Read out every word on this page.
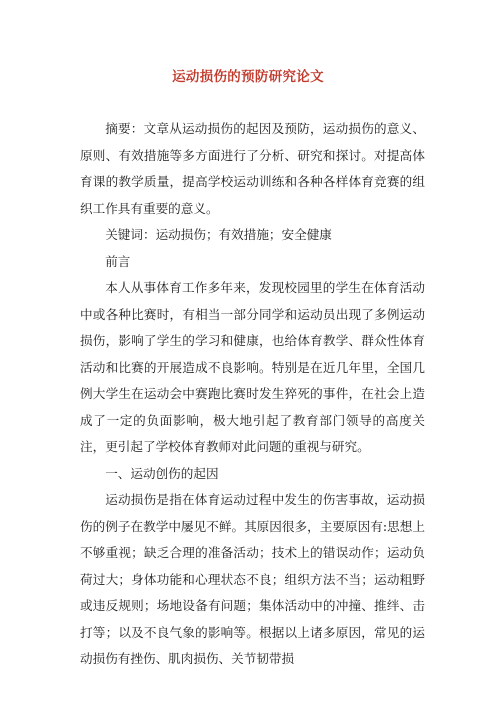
运动损伤的预防研究论文

摘要：文章从运动损伤的起因及预防，运动损伤的意义、原则、有效措施等多方面进行了分析、研究和探讨。对提高体育课的教学质量，提高学校运动训练和各种各样体育竞赛的组织工作具有重要的意义。

关键词：运动损伤；有效措施；安全健康

前言

本人从事体育工作多年来，发现校园里的学生在体育活动中或各种比赛时，有相当一部分同学和运动员出现了多例运动损伤，影响了学生的学习和健康，也给体育教学、群众性体育活动和比赛的开展造成不良影响。特别是在近几年里，全国几例大学生在运动会中赛跑比赛时发生猝死的事件，在社会上造成了一定的负面影响，极大地引起了教育部门领导的高度关注，更引起了学校体育教师对此问题的重视与研究。

一、运动创伤的起因

运动损伤是指在体育运动过程中发生的伤害事故，运动损伤的例子在教学中屡见不鲜。其原因很多，主要原因有:思想上不够重视；缺乏合理的准备活动；技术上的错误动作；运动负荷过大；身体功能和心理状态不良；组织方法不当；运动粗野或违反规则；场地设备有问题；集体活动中的冲撞、推绊、击打等；以及不良气象的影响等。根据以上诸多原因，常见的运动损伤有挫伤、肌肉损伤、关节韧带损
